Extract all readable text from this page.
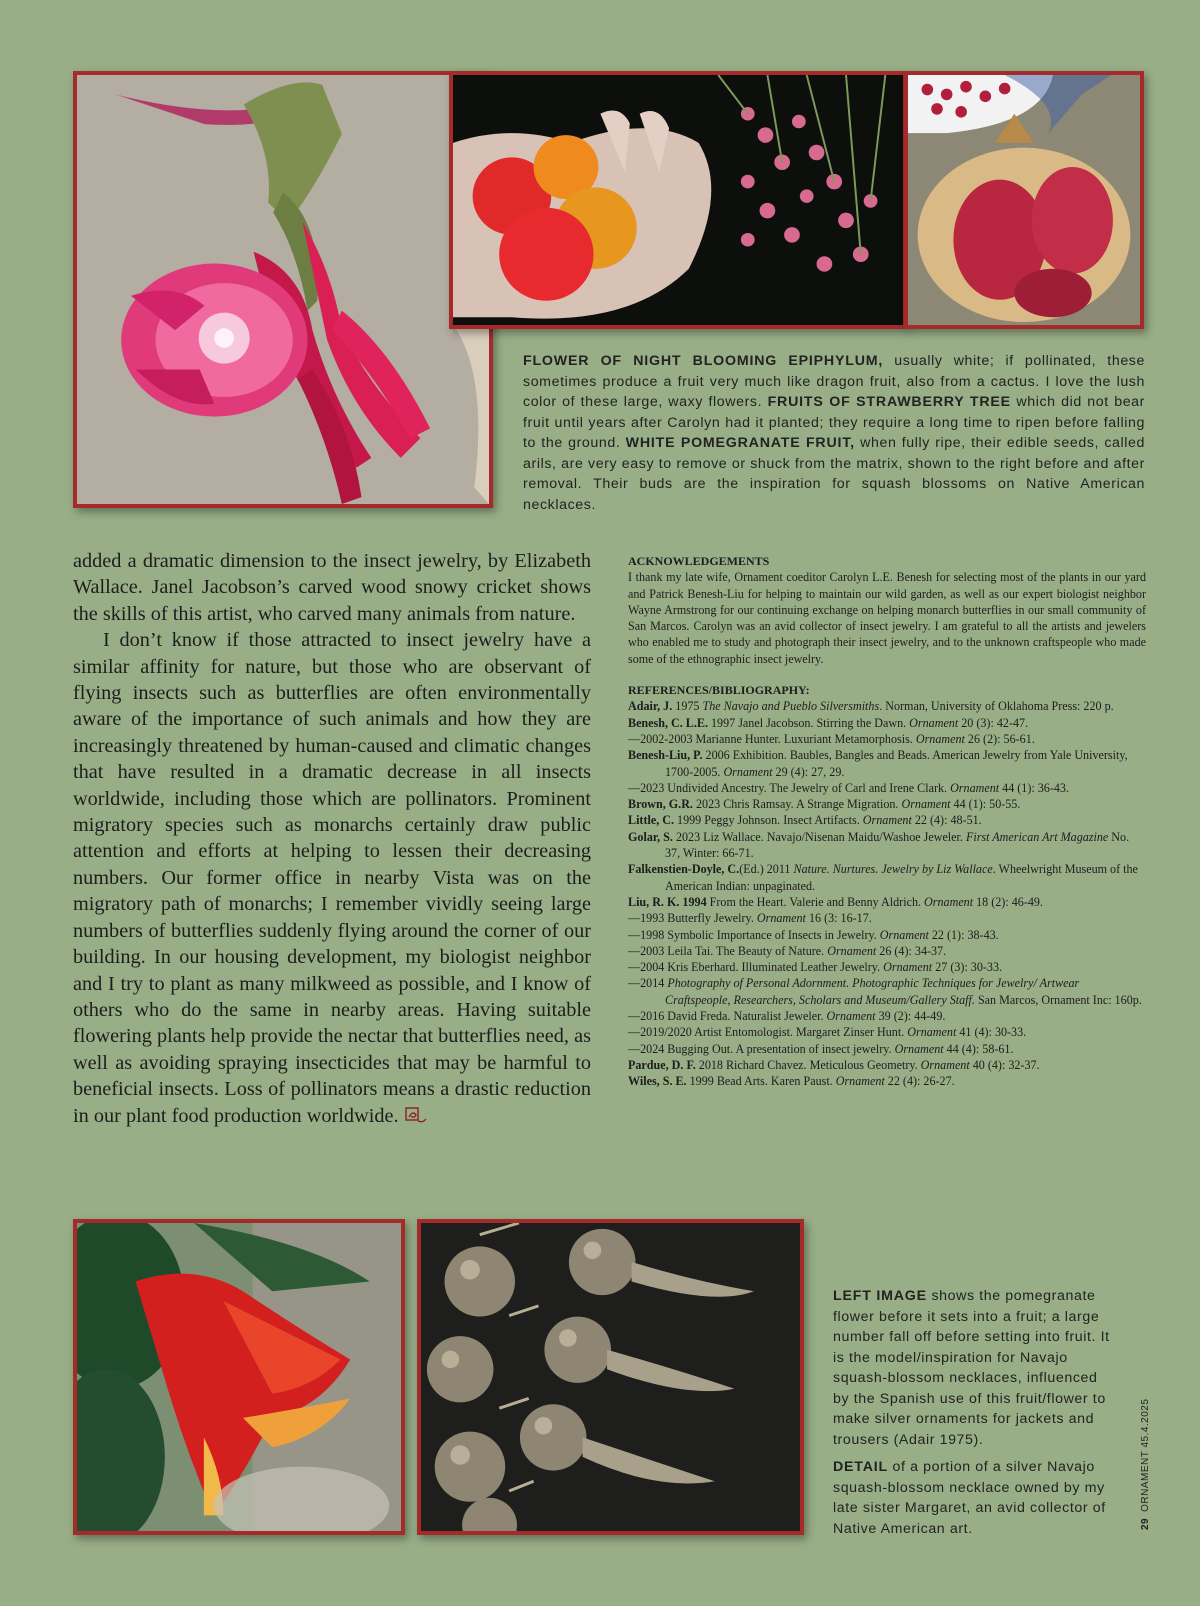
FLOWER OF NIGHT BLOOMING EPIPHYLUM, usually white; if pollinated, these sometimes produce a fruit very much like dragon fruit, also from a cactus. I love the lush color of these large, waxy flowers. FRUITS OF STRAWBERRY TREE which did not bear fruit until years after Carolyn had it planted; they require a long time to ripen before falling to the ground. WHITE POMEGRANATE FRUIT, when fully ripe, their edible seeds, called arils, are very easy to remove or shuck from the matrix, shown to the right before and after removal. Their buds are the inspiration for squash blossoms on Native American necklaces.

added a dramatic dimension to the insect jewelry, by Elizabeth Wallace. Janel Jacobson’s carved wood snowy cricket shows the skills of this artist, who carved many animals from nature.

I don’t know if those attracted to insect jewelry have a similar affinity for nature, but those who are observant of flying insects such as butterflies are often environmentally aware of the importance of such animals and how they are increasingly threatened by human-caused and climatic changes that have resulted in a dramatic decrease in all insects worldwide, including those which are pollinators. Prominent migratory species such as monarchs certainly draw public attention and efforts at helping to lessen their decreasing numbers. Our former office in nearby Vista was on the migratory path of monarchs; I remember vividly seeing large numbers of butterflies suddenly flying around the corner of our building. In our housing development, my biologist neighbor and I try to plant as many milkweed as possible, and I know of others who do the same in nearby areas. Having suitable flowering plants help provide the nectar that butterflies need, as well as avoiding spraying insecticides that may be harmful to beneficial insects. Loss of pollinators means a drastic reduction in our plant food production worldwide.

ACKNOWLEDGEMENTS
I thank my late wife, Ornament coeditor Carolyn L.E. Benesh for selecting most of the plants in our yard and Patrick Benesh-Liu for helping to maintain our wild garden, as well as our expert biologist neighbor Wayne Armstrong for our continuing exchange on helping monarch butterflies in our small community of San Marcos. Carolyn was an avid collector of insect jewelry. I am grateful to all the artists and jewelers who enabled me to study and photograph their insect jewelry, and to the unknown craftspeople who made some of the ethnographic insect jewelry.
REFERENCES/BIBLIOGRAPHY:
Adair, J. 1975 The Navajo and Pueblo Silversmiths. Norman, University of Oklahoma Press: 220 p.
Benesh, C. L.E. 1997 Janel Jacobson. Stirring the Dawn. Ornament 20 (3): 42-47.
—2002-2003 Marianne Hunter. Luxuriant Metamorphosis. Ornament 26 (2): 56-61.
Benesh-Liu, P. 2006 Exhibition. Baubles, Bangles and Beads. American Jewelry from Yale University, 1700-2005. Ornament 29 (4): 27, 29.
—2023 Undivided Ancestry. The Jewelry of Carl and Irene Clark. Ornament 44 (1): 36-43.
Brown, G.R. 2023 Chris Ramsay. A Strange Migration. Ornament 44 (1): 50-55.
Little, C. 1999 Peggy Johnson. Insect Artifacts. Ornament 22 (4): 48-51.
Golar, S. 2023 Liz Wallace. Navajo/Nisenan Maidu/Washoe Jeweler. First American Art Magazine No. 37, Winter: 66-71.
Falkenstien-Doyle, C.(Ed.) 2011 Nature. Nurtures. Jewelry by Liz Wallace. Wheelwright Museum of the American Indian: unpaginated.
Liu, R. K. 1994 From the Heart. Valerie and Benny Aldrich. Ornament 18 (2): 46-49.
—1993 Butterfly Jewelry. Ornament 16 (3: 16-17.
—1998 Symbolic Importance of Insects in Jewelry. Ornament 22 (1): 38-43.
—2003 Leila Tai. The Beauty of Nature. Ornament 26 (4): 34-37.
—2004 Kris Eberhard. Illuminated Leather Jewelry. Ornament 27 (3): 30-33.
—2014 Photography of Personal Adornment. Photographic Techniques for Jewelry/ Artwear Craftspeople, Researchers, Scholars and Museum/Gallery Staff. San Marcos, Ornament Inc: 160p.
—2016 David Freda. Naturalist Jeweler. Ornament 39 (2): 44-49.
—2019/2020 Artist Entomologist. Margaret Zinser Hunt. Ornament 41 (4): 30-33.
—2024 Bugging Out. A presentation of insect jewelry. Ornament 44 (4): 58-61.
Pardue, D. F. 2018 Richard Chavez. Meticulous Geometry. Ornament 40 (4): 32-37.
Wiles, S. E. 1999 Bead Arts. Karen Paust. Ornament 22 (4): 26-27.

LEFT IMAGE shows the pomegranate flower before it sets into a fruit; a large number fall off before setting into fruit. It is the model/inspiration for Navajo squash-blossom necklaces, influenced by the Spanish use of this fruit/flower to make silver ornaments for jackets and trousers (Adair 1975).

DETAIL of a portion of a silver Navajo squash-blossom necklace owned by my late sister Margaret, an avid collector of Native American art.	29ORNAMENT 45.4.2025
